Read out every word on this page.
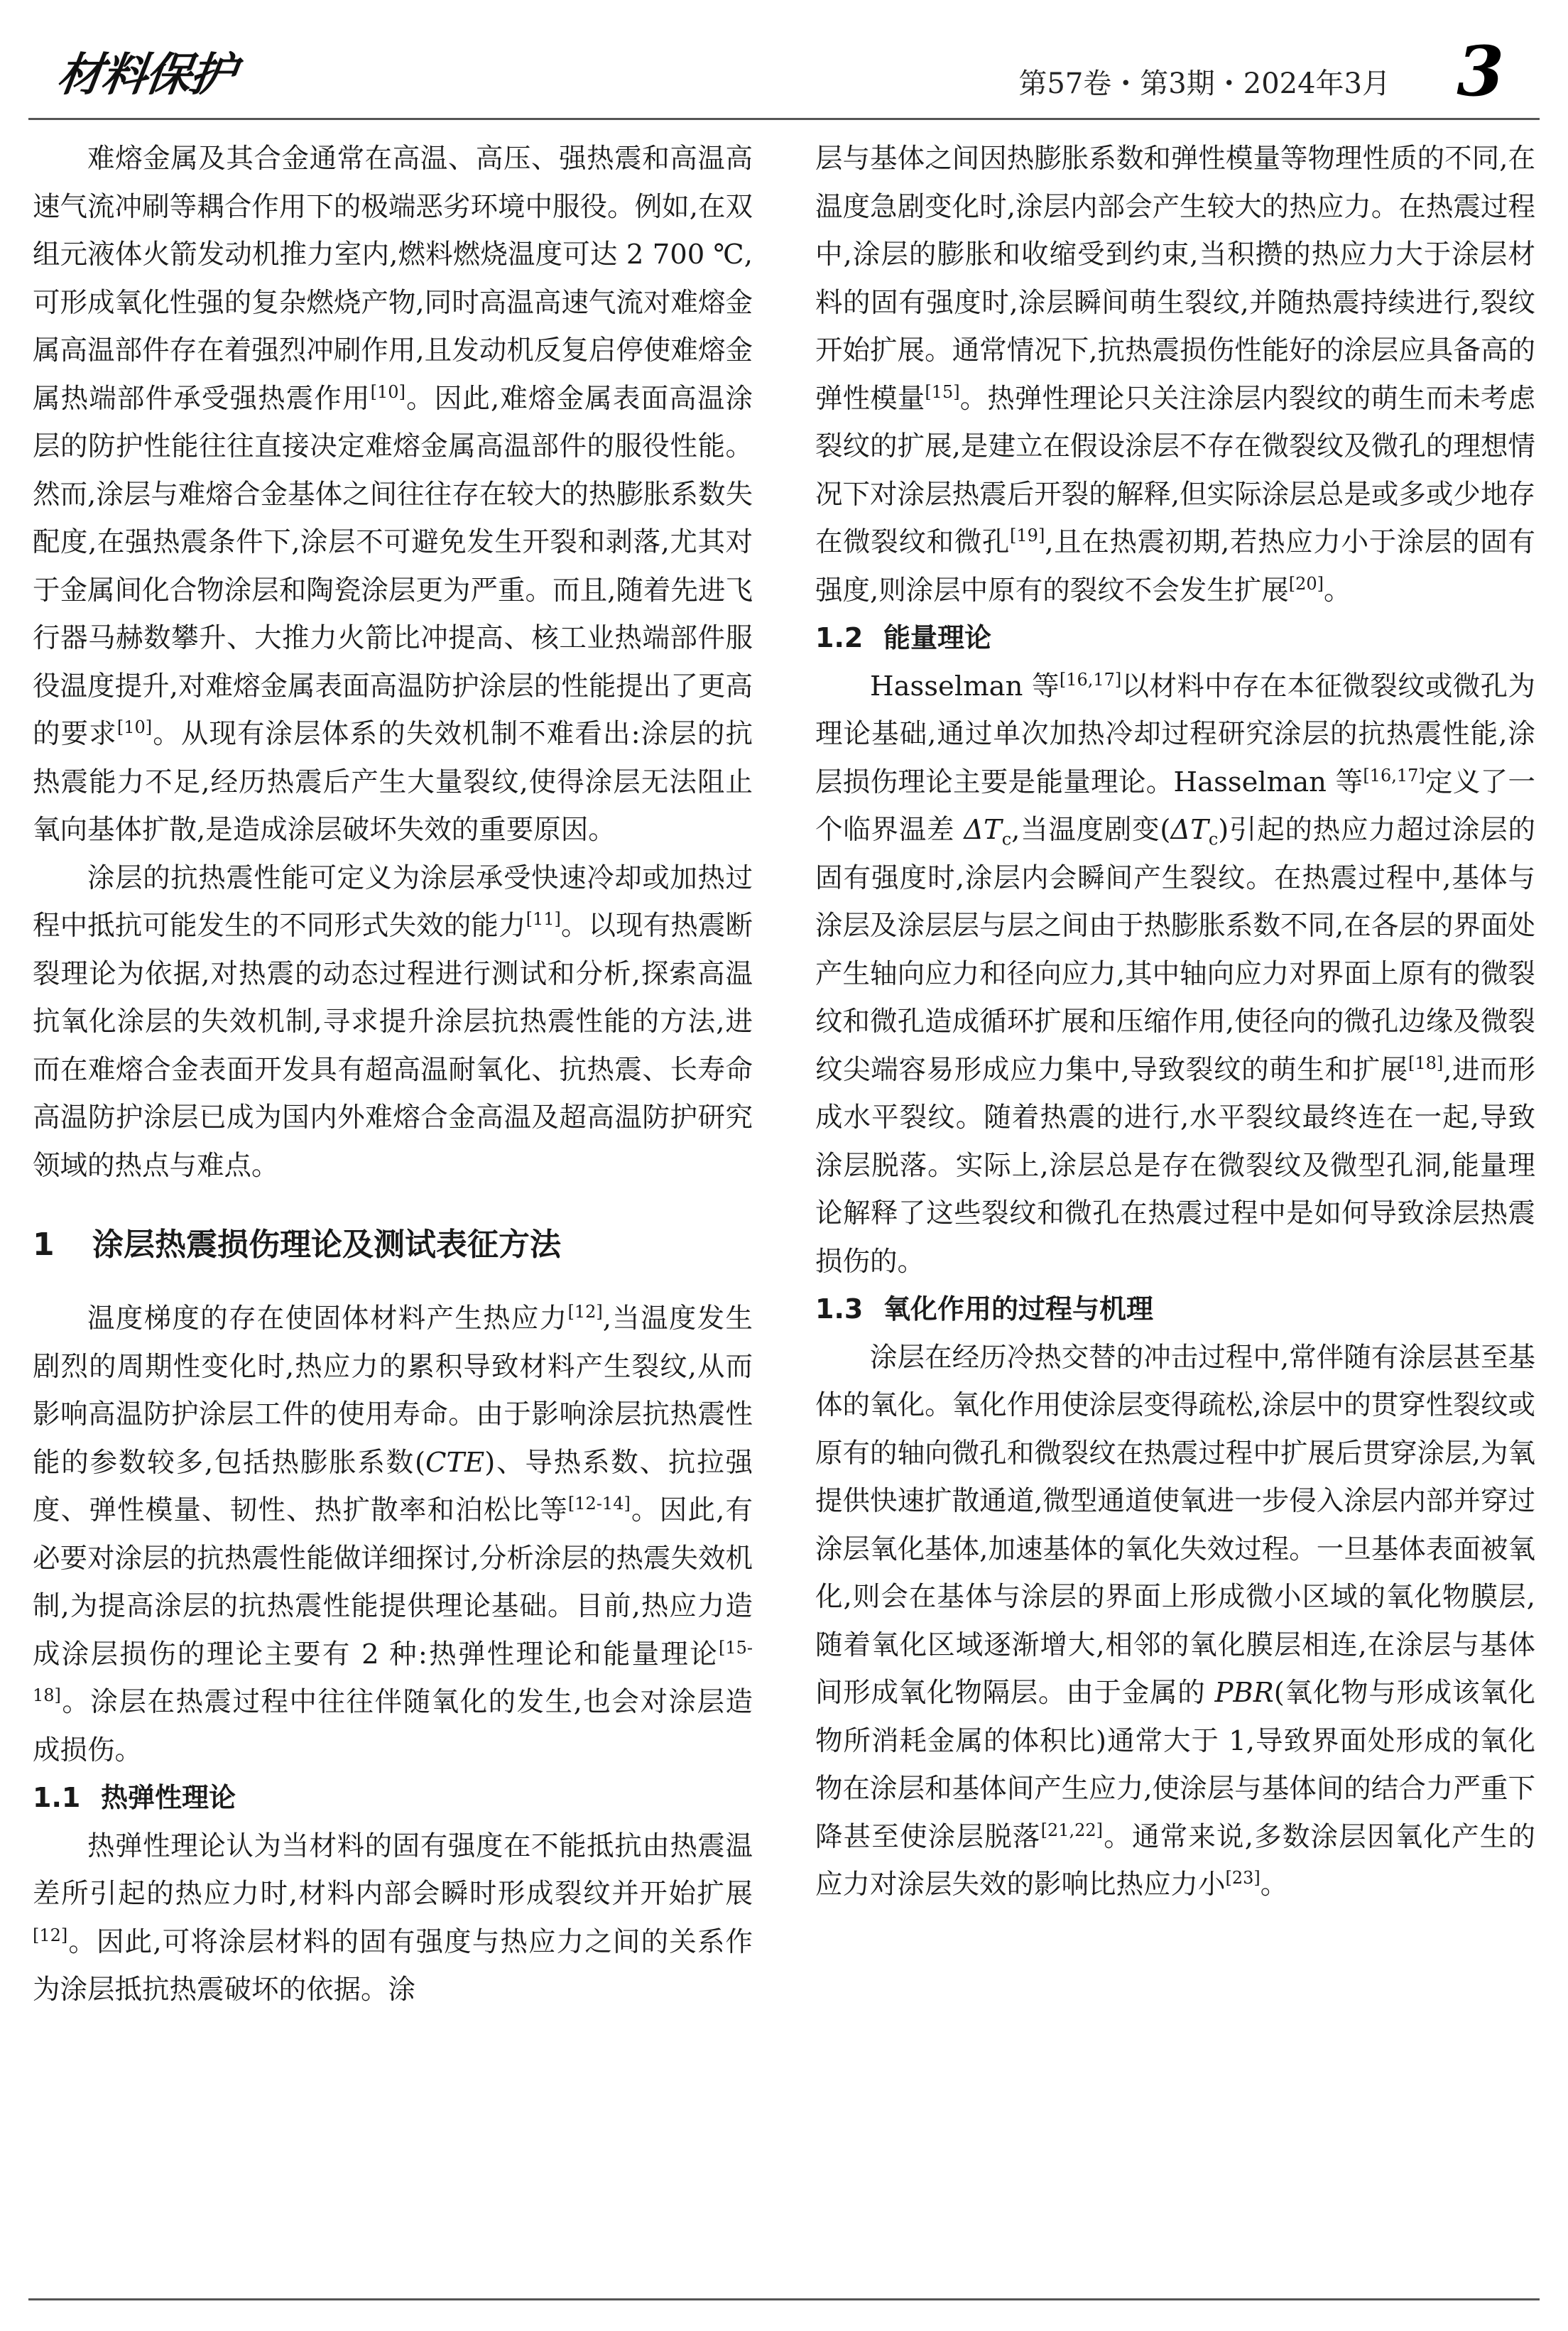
材料保护	第57卷・第3期・2024年3月 3

难熔金属及其合金通常在高温、高压、强热震和高温高速气流冲刷等耦合作用下的极端恶劣环境中服役。例如,在双组元液体火箭发动机推力室内,燃料燃烧温度可达 2 700 ℃,可形成氧化性强的复杂燃烧产物,同时高温高速气流对难熔金属高温部件存在着强烈冲刷作用,且发动机反复启停使难熔金属热端部件承受强热震作用[10]。因此,难熔金属表面高温涂层的防护性能往往直接决定难熔金属高温部件的服役性能。然而,涂层与难熔合金基体之间往往存在较大的热膨胀系数失配度,在强热震条件下,涂层不可避免发生开裂和剥落,尤其对于金属间化合物涂层和陶瓷涂层更为严重。而且,随着先进飞行器马赫数攀升、大推力火箭比冲提高、核工业热端部件服役温度提升,对难熔金属表面高温防护涂层的性能提出了更高的要求[10]。从现有涂层体系的失效机制不难看出:涂层的抗热震能力不足,经历热震后产生大量裂纹,使得涂层无法阻止氧向基体扩散,是造成涂层破坏失效的重要原因。

涂层的抗热震性能可定义为涂层承受快速冷却或加热过程中抵抗可能发生的不同形式失效的能力[11]。以现有热震断裂理论为依据,对热震的动态过程进行测试和分析,探索高温抗氧化涂层的失效机制,寻求提升涂层抗热震性能的方法,进而在难熔合金表面开发具有超高温耐氧化、抗热震、长寿命高温防护涂层已成为国内外难熔合金高温及超高温防护研究领域的热点与难点。

1 涂层热震损伤理论及测试表征方法

温度梯度的存在使固体材料产生热应力[12],当温度发生剧烈的周期性变化时,热应力的累积导致材料产生裂纹,从而影响高温防护涂层工件的使用寿命。由于影响涂层抗热震性能的参数较多,包括热膨胀系数(CTE)、导热系数、抗拉强度、弹性模量、韧性、热扩散率和泊松比等[12-14]。因此,有必要对涂层的抗热震性能做详细探讨,分析涂层的热震失效机制,为提高涂层的抗热震性能提供理论基础。目前,热应力造成涂层损伤的理论主要有 2 种:热弹性理论和能量理论[15-18]。涂层在热震过程中往往伴随氧化的发生,也会对涂层造成损伤。

1.1 热弹性理论

热弹性理论认为当材料的固有强度在不能抵抗由热震温差所引起的热应力时,材料内部会瞬时形成裂纹并开始扩展[12]。因此,可将涂层材料的固有强度与热应力之间的关系作为涂层抵抗热震破坏的依据。涂

层与基体之间因热膨胀系数和弹性模量等物理性质的不同,在温度急剧变化时,涂层内部会产生较大的热应力。在热震过程中,涂层的膨胀和收缩受到约束,当积攒的热应力大于涂层材料的固有强度时,涂层瞬间萌生裂纹,并随热震持续进行,裂纹开始扩展。通常情况下,抗热震损伤性能好的涂层应具备高的弹性模量[15]。热弹性理论只关注涂层内裂纹的萌生而未考虑裂纹的扩展,是建立在假设涂层不存在微裂纹及微孔的理想情况下对涂层热震后开裂的解释,但实际涂层总是或多或少地存在微裂纹和微孔[19],且在热震初期,若热应力小于涂层的固有强度,则涂层中原有的裂纹不会发生扩展[20]。

1.2 能量理论

Hasselman 等[16,17]以材料中存在本征微裂纹或微孔为理论基础,通过单次加热冷却过程研究涂层的抗热震性能,涂层损伤理论主要是能量理论。Hasselman 等[16,17]定义了一个临界温差 $\Delta T_c$,当温度剧变$(\Delta T_c)$引起的热应力超过涂层的固有强度时,涂层内会瞬间产生裂纹。在热震过程中,基体与涂层及涂层层与层之间由于热膨胀系数不同,在各层的界面处产生轴向应力和径向应力,其中轴向应力对界面上原有的微裂纹和微孔造成循环扩展和压缩作用,使径向的微孔边缘及微裂纹尖端容易形成应力集中,导致裂纹的萌生和扩展[18],进而形成水平裂纹。随着热震的进行,水平裂纹最终连在一起,导致涂层脱落。实际上,涂层总是存在微裂纹及微型孔洞,能量理论解释了这些裂纹和微孔在热震过程中是如何导致涂层热震损伤的。

1.3 氧化作用的过程与机理

涂层在经历冷热交替的冲击过程中,常伴随有涂层甚至基体的氧化。氧化作用使涂层变得疏松,涂层中的贯穿性裂纹或原有的轴向微孔和微裂纹在热震过程中扩展后贯穿涂层,为氧提供快速扩散通道,微型通道使氧进一步侵入涂层内部并穿过涂层氧化基体,加速基体的氧化失效过程。一旦基体表面被氧化,则会在基体与涂层的界面上形成微小区域的氧化物膜层,随着氧化区域逐渐增大,相邻的氧化膜层相连,在涂层与基体间形成氧化物隔层。由于金属的 PBR(氧化物与形成该氧化物所消耗金属的体积比)通常大于 1,导致界面处形成的氧化物在涂层和基体间产生应力,使涂层与基体间的结合力严重下降甚至使涂层脱落[21,22]。通常来说,多数涂层因氧化产生的应力对涂层失效的影响比热应力小[23]。
